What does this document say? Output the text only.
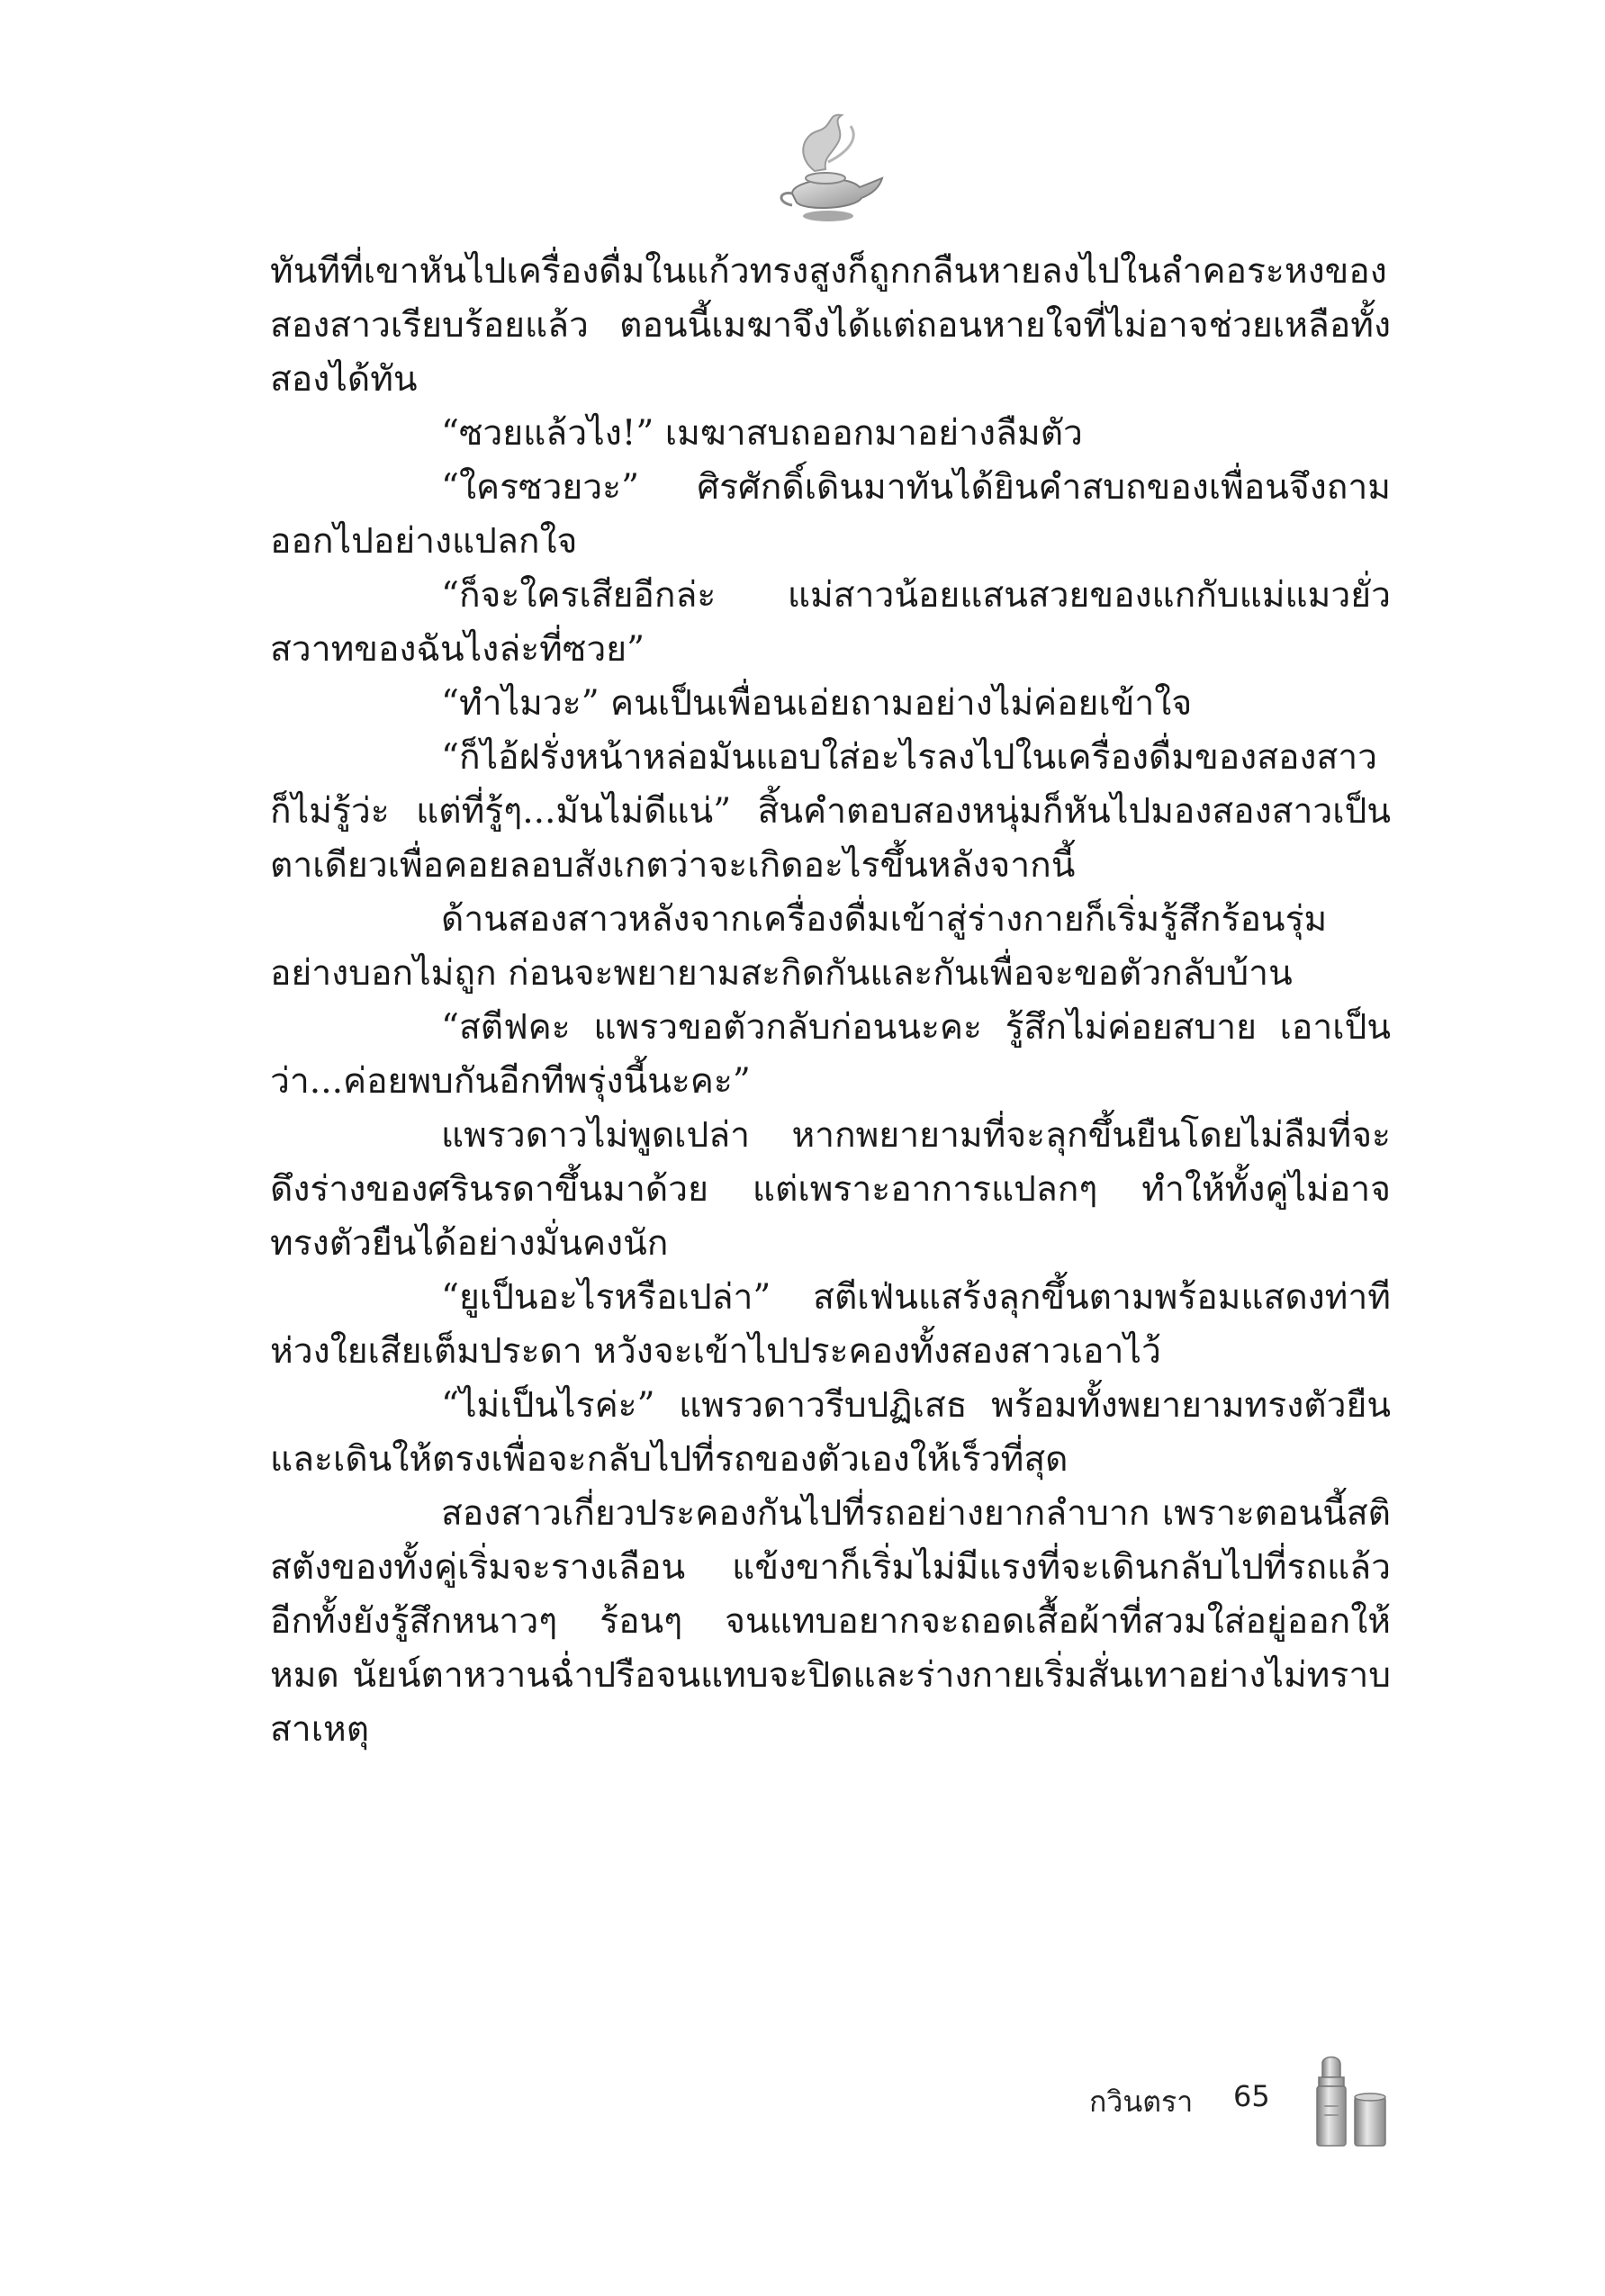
ทันทีที่เขาหันไปเครื่องดื่มในแก้วทรงสูงก็ถูกกลืนหายลงไปในลำคอระหงของสองสาวเรียบร้อยแล้ว ตอนนี้เมฆาจึงได้แต่ถอนหายใจที่ไม่อาจช่วยเหลือทั้งสองได้ทัน

“ซวยแล้วไง!” เมฆาสบถออกมาอย่างลืมตัว

“ใครซวยวะ” ศิรศักดิ์เดินมาทันได้ยินคำสบถของเพื่อนจึงถามออกไปอย่างแปลกใจ

“ก็จะใครเสียอีกล่ะ แม่สาวน้อยแสนสวยของแกกับแม่แมวยั่วสวาทของฉันไงล่ะที่ซวย”

“ทำไมวะ” คนเป็นเพื่อนเอ่ยถามอย่างไม่ค่อยเข้าใจ

“ก็ไอ้ฝรั่งหน้าหล่อมันแอบใส่อะไรลงไปในเครื่องดื่มของสองสาวก็ไม่รู้ว่ะ แต่ที่รู้ๆ...มันไม่ดีแน่” สิ้นคำตอบสองหนุ่มก็หันไปมองสองสาวเป็นตาเดียวเพื่อคอยลอบสังเกตว่าจะเกิดอะไรขึ้นหลังจากนี้

ด้านสองสาวหลังจากเครื่องดื่มเข้าสู่ร่างกายก็เริ่มรู้สึกร้อนรุ่มอย่างบอกไม่ถูก ก่อนจะพยายามสะกิดกันและกันเพื่อจะขอตัวกลับบ้าน

“สตีฟคะ แพรวขอตัวกลับก่อนนะคะ รู้สึกไม่ค่อยสบาย เอาเป็นว่า...ค่อยพบกันอีกทีพรุ่งนี้นะคะ”

แพรวดาวไม่พูดเปล่า หากพยายามที่จะลุกขึ้นยืนโดยไม่ลืมที่จะดึงร่างของศรินรดาขึ้นมาด้วย แต่เพราะอาการแปลกๆ ทำให้ทั้งคู่ไม่อาจทรงตัวยืนได้อย่างมั่นคงนัก

“ยูเป็นอะไรหรือเปล่า” สตีเฟ่นแสร้งลุกขึ้นตามพร้อมแสดงท่าทีห่วงใยเสียเต็มประดา หวังจะเข้าไปประคองทั้งสองสาวเอาไว้

“ไม่เป็นไรค่ะ” แพรวดาวรีบปฏิเสธ พร้อมทั้งพยายามทรงตัวยืนและเดินให้ตรงเพื่อจะกลับไปที่รถของตัวเองให้เร็วที่สุด

สองสาวเกี่ยวประคองกันไปที่รถอย่างยากลำบาก เพราะตอนนี้สติสตังของทั้งคู่เริ่มจะรางเลือน แข้งขาก็เริ่มไม่มีแรงที่จะเดินกลับไปที่รถแล้ว อีกทั้งยังรู้สึกหนาวๆ ร้อนๆ จนแทบอยากจะถอดเสื้อผ้าที่สวมใส่อยู่ออกให้หมด นัยน์ตาหวานฉ่ำปรือจนแทบจะปิดและร่างกายเริ่มสั่นเทาอย่างไม่ทราบสาเหตุ

กวินตรา 65
